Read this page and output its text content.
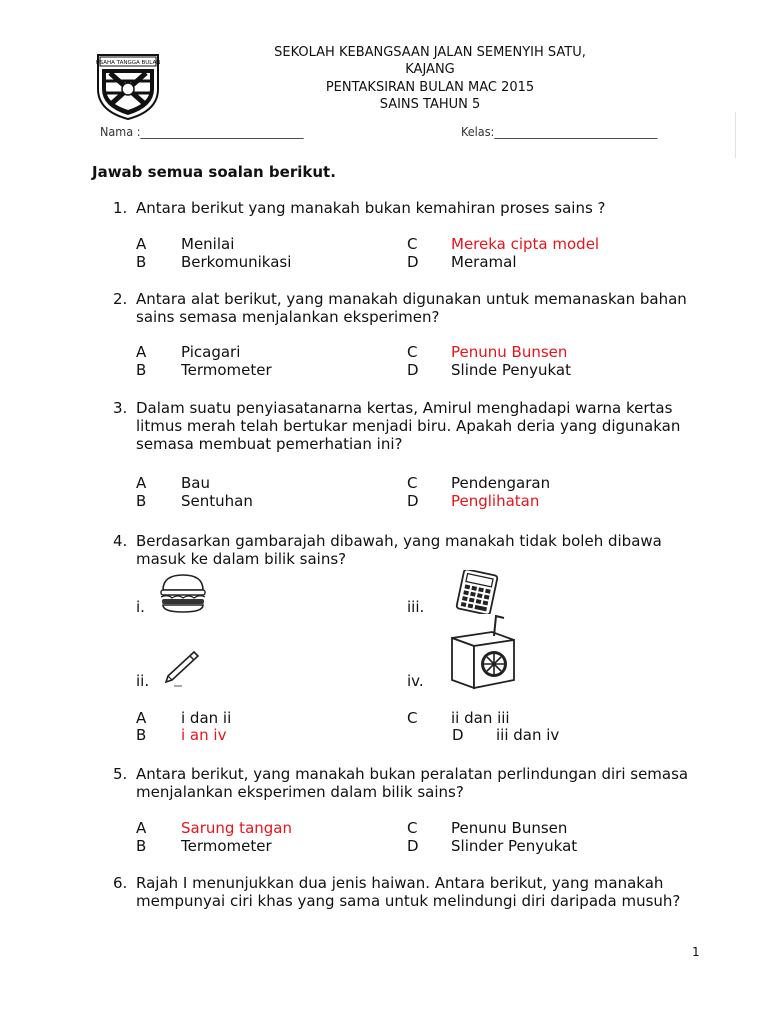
USAHA TANGGA BULAN
SEKOLAH KEBANGSAAN JALAN SEMENYIH SATU,
KAJANG
PENTAKSIRAN BULAN MAC 2015
SAINS TAHUN 5
Nama :_____________________________	Kelas:_____________________________
Jawab semua soalan berikut.
1. Antara berikut yang manakah bukan kemahiran proses sains ?
A Menilai	C Mereka cipta model
B Berkomunikasi	D Meramal
2. Antara alat berikut, yang manakah digunakan untuk memanaskan bahan
sains semasa menjalankan eksperimen?
A Picagari	C Penunu Bunsen
B Termometer	D Slinde Penyukat
3. Dalam suatu penyiasatanarna kertas, Amirul menghadapi warna kertas
litmus merah telah bertukar menjadi biru. Apakah deria yang digunakan
semasa membuat pemerhatian ini?
A Bau	C Pendengaran
B Sentuhan	D Penglihatan
4. Berdasarkan gambarajah dibawah, yang manakah tidak boleh dibawa
masuk ke dalam bilik sains?
i.	iii.
ii.	iv.
A i dan ii	C ii dan iii
B i an iv	D iii dan iv
5. Antara berikut, yang manakah bukan peralatan perlindungan diri semasa
menjalankan eksperimen dalam bilik sains?
A Sarung tangan	C Penunu Bunsen
B Termometer	D Slinder Penyukat
6. Rajah I menunjukkan dua jenis haiwan. Antara berikut, yang manakah
mempunyai ciri khas yang sama untuk melindungi diri daripada musuh?
1
